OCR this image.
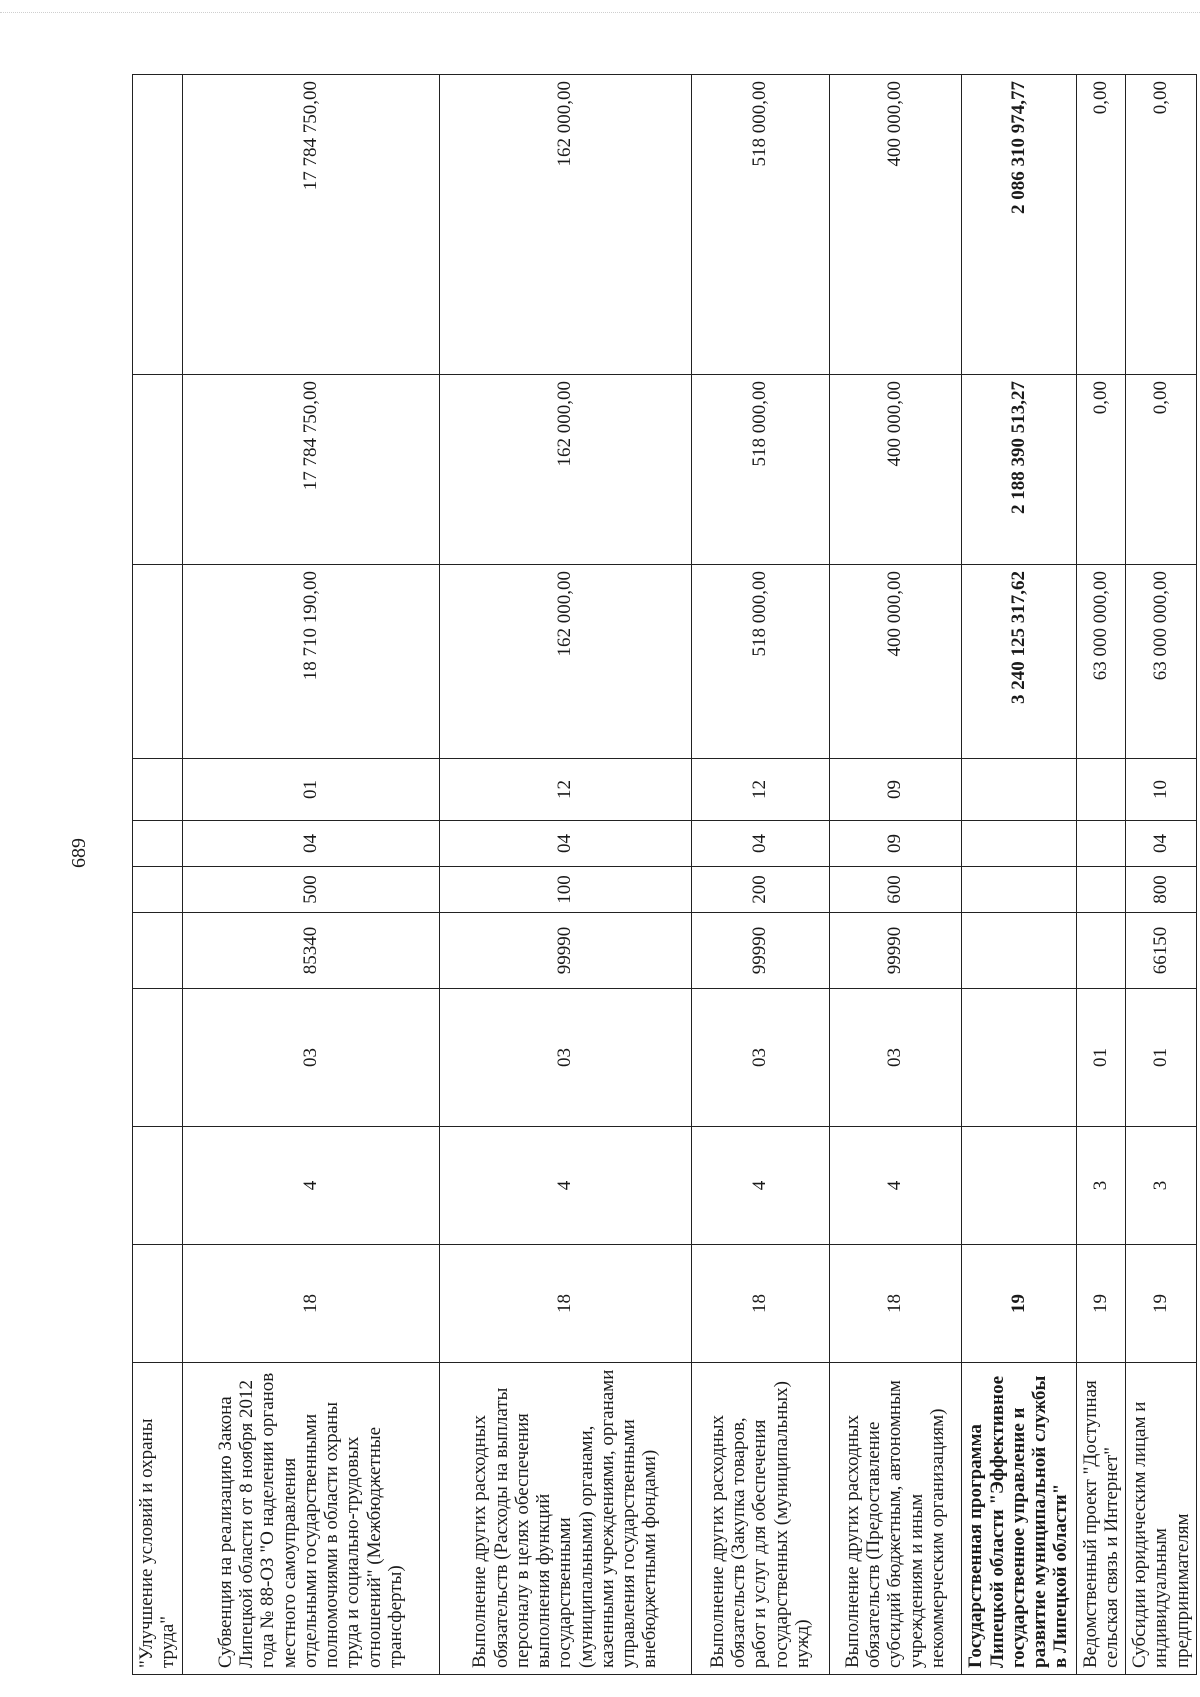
689
"Улучшение условий и охраны труда"										
Субвенция на реализацию Закона Липецкой области от 8 ноября 2012 года № 88-ОЗ "О наделении органов местного самоуправления отдельными государственными полномочиями в области охраны труда и социально-трудовых отношений" (Межбюджетные трансферты)	18	4	03	85340	500	04	01	18 710 190,00	17 784 750,00	17 784 750,00
Выполнение других расходных обязательств (Расходы на выплаты персоналу в целях обеспечения выполнения функций государственными (муниципальными) органами, казенными учреждениями, органами управления государственными внебюджетными фондами)	18	4	03	99990	100	04	12	162 000,00	162 000,00	162 000,00
Выполнение других расходных обязательств (Закупка товаров, работ и услуг для обеспечения государственных (муниципальных) нужд)	18	4	03	99990	200	04	12	518 000,00	518 000,00	518 000,00
Выполнение других расходных обязательств (Предоставление субсидий бюджетным, автономным учреждениям и иным некоммерческим организациям)	18	4	03	99990	600	09	09	400 000,00	400 000,00	400 000,00
Государственная программа Липецкой области "Эффективное государственное управление и развитие муниципальной службы в Липецкой области"	19							3 240 125 317,62	2 188 390 513,27	2 086 310 974,77
Ведомственный проект "Доступная сельская связь и Интернет"	19	3	01					63 000 000,00	0,00	0,00
Субсидии юридическим лицам и индивидуальным предпринимателям	19	3	01	66150	800	04	10	63 000 000,00	0,00	0,00
